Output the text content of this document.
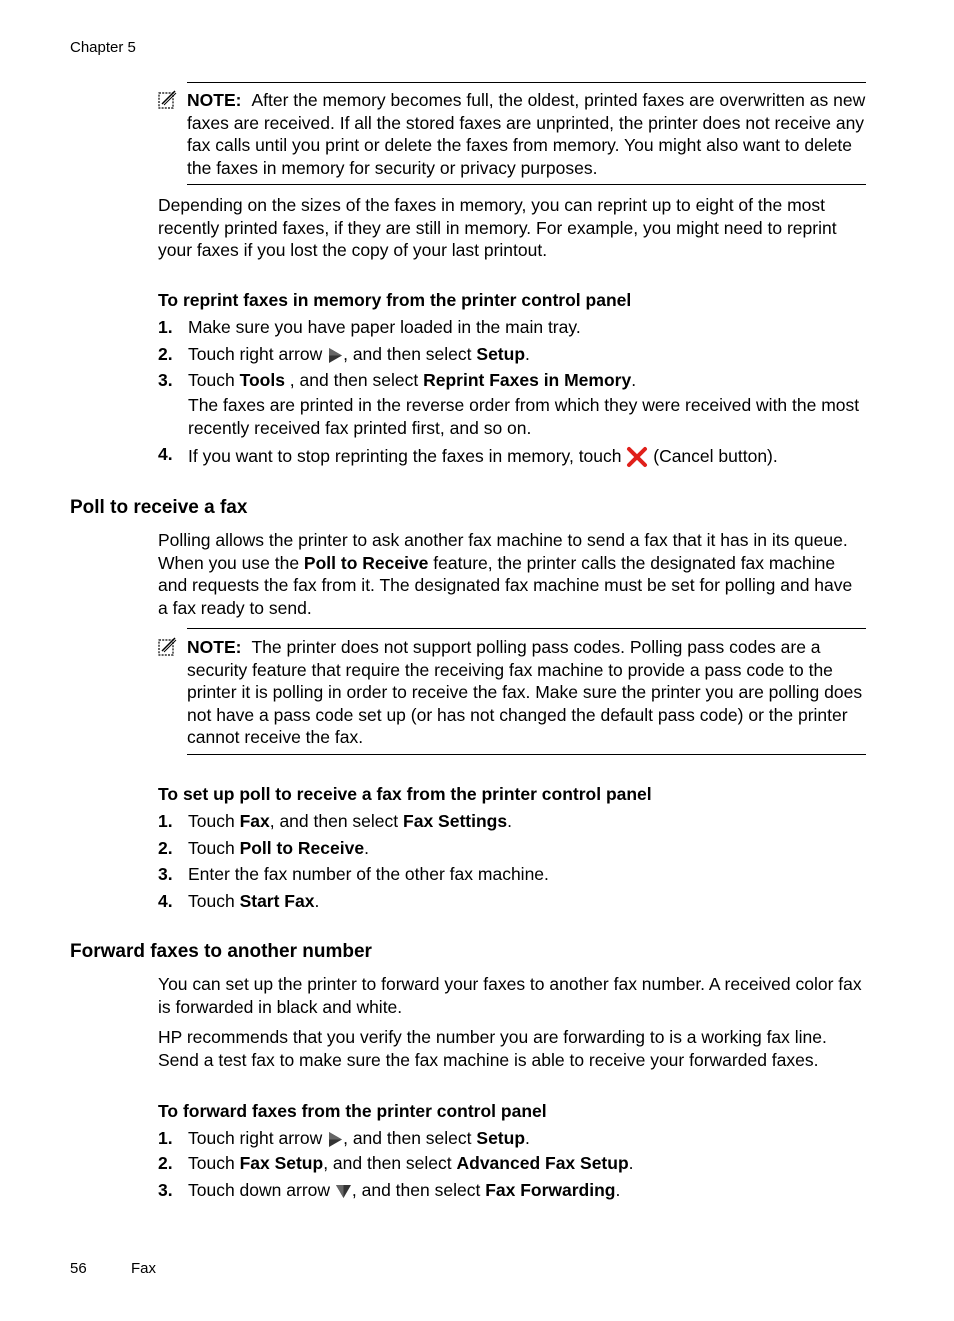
Chapter 5
NOTE: After the memory becomes full, the oldest, printed faxes are overwritten as new faxes are received. If all the stored faxes are unprinted, the printer does not receive any fax calls until you print or delete the faxes from memory. You might also want to delete the faxes in memory for security or privacy purposes.
Depending on the sizes of the faxes in memory, you can reprint up to eight of the most recently printed faxes, if they are still in memory. For example, you might need to reprint your faxes if you lost the copy of your last printout.
To reprint faxes in memory from the printer control panel
1. Make sure you have paper loaded in the main tray.
2. Touch right arrow , and then select Setup.
3. Touch Tools , and then select Reprint Faxes in Memory.
The faxes are printed in the reverse order from which they were received with the most recently received fax printed first, and so on.
4. If you want to stop reprinting the faxes in memory, touch  (Cancel button).
Poll to receive a fax
Polling allows the printer to ask another fax machine to send a fax that it has in its queue. When you use the Poll to Receive feature, the printer calls the designated fax machine and requests the fax from it. The designated fax machine must be set for polling and have a fax ready to send.
NOTE: The printer does not support polling pass codes. Polling pass codes are a security feature that require the receiving fax machine to provide a pass code to the printer it is polling in order to receive the fax. Make sure the printer you are polling does not have a pass code set up (or has not changed the default pass code) or the printer cannot receive the fax.
To set up poll to receive a fax from the printer control panel
1. Touch Fax, and then select Fax Settings.
2. Touch Poll to Receive.
3. Enter the fax number of the other fax machine.
4. Touch Start Fax.
Forward faxes to another number
You can set up the printer to forward your faxes to another fax number. A received color fax is forwarded in black and white.
HP recommends that you verify the number you are forwarding to is a working fax line. Send a test fax to make sure the fax machine is able to receive your forwarded faxes.
To forward faxes from the printer control panel
1. Touch right arrow , and then select Setup.
2. Touch Fax Setup, and then select Advanced Fax Setup.
3. Touch down arrow , and then select Fax Forwarding.
56	Fax
